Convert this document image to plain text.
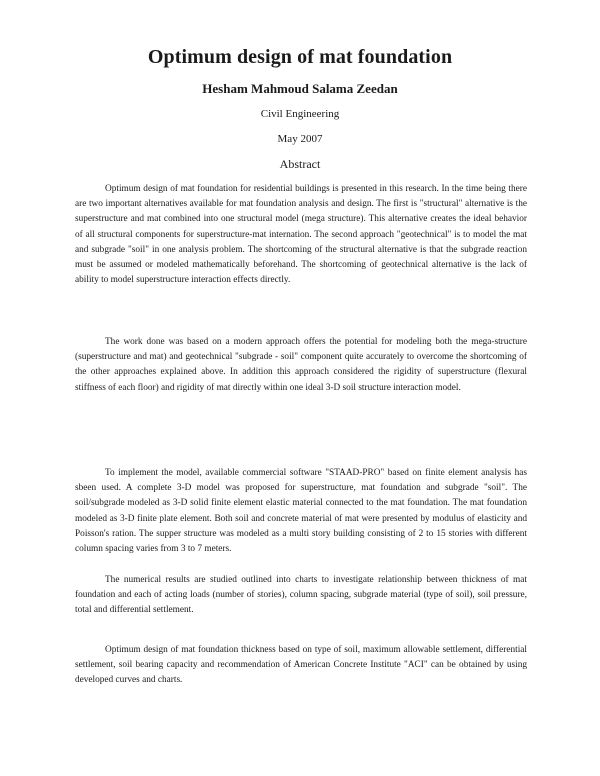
Optimum design of mat foundation
Hesham Mahmoud Salama Zeedan
Civil Engineering
May 2007
Abstract

Optimum design of mat foundation for residential buildings is presented in this research. In the time being there are two important alternatives available for mat foundation analysis and design. The first is "structural" alternative is the superstructure and mat combined into one structural model (mega structure). This alternative creates the ideal behavior of all structural components for superstructure-mat internation. The second approach "geotechnical" is to model the mat and subgrade "soil" in one analysis problem. The shortcoming of the structural alternative is that the subgrade reaction must be assumed or modeled mathematically beforehand. The shortcoming of geotechnical alternative is the lack of ability to model superstructure interaction effects directly.

The work done was based on a modern approach offers the potential for modeling both the mega-structure (superstructure and mat) and geotechnical "subgrade - soil" component quite accurately to overcome the shortcoming of the other approaches explained above. In addition this approach considered the rigidity of superstructure (flexural stiffness of each floor) and rigidity of mat directly within one ideal 3-D soil structure interaction model.

To implement the model, available commercial software "STAAD-PRO" based on finite element analysis has sbeen used. A complete 3-D model was proposed for superstructure, mat foundation and subgrade "soil". The soil/subgrade modeled as 3-D solid finite element elastic material connected to the mat foundation. The mat foundation modeled as 3-D finite plate element. Both soil and concrete material of mat were presented by modulus of elasticity and Poisson's ration. The supper structure was modeled as a multi story building consisting of 2 to 15 stories with different column spacing varies from 3 to 7 meters.

The numerical results are studied outlined into charts to investigate relationship between thickness of mat foundation and each of acting loads (number of stories), column spacing, subgrade material (type of soil), soil pressure, total and differential settlement.

Optimum design of mat foundation thickness based on type of soil, maximum allowable settlement, differential settlement, soil bearing capacity and recommendation of American Concrete Institute "ACI" can be obtained by using developed curves and charts.
